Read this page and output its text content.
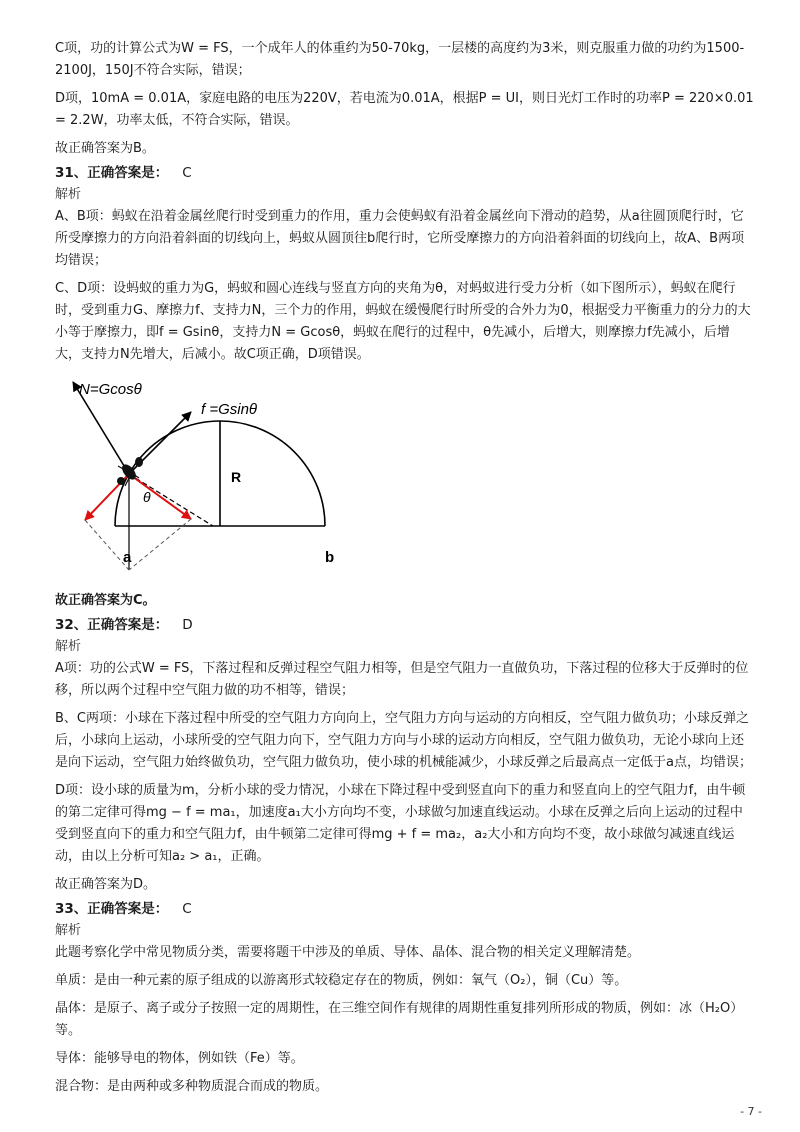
C项，功的计算公式为W = FS，一个成年人的体重约为50-70kg，一层楼的高度约为3米，则克服重力做的功约为1500-2100J，150J不符合实际，错误；

D项，10mA = 0.01A，家庭电路的电压为220V，若电流为0.01A，根据P = UI，则日光灯工作时的功率P = 220×0.01 = 2.2W，功率太低，不符合实际，错误。

故正确答案为B。

31、正确答案是： C

解析

A、B项：蚂蚁在沿着金属丝爬行时受到重力的作用，重力会使蚂蚁有沿着金属丝向下滑动的趋势，从a往圆顶爬行时，它所受摩擦力的方向沿着斜面的切线向上，蚂蚁从圆顶往b爬行时，它所受摩擦力的方向沿着斜面的切线向上，故A、B两项均错误；

C、D项：设蚂蚁的重力为G，蚂蚁和圆心连线与竖直方向的夹角为θ，对蚂蚁进行受力分析（如下图所示），蚂蚁在爬行时，受到重力G、摩擦力f、支持力N，三个力的作用，蚂蚁在缓慢爬行时所受的合外力为0，根据受力平衡重力的分力的大小等于摩擦力，即f = Gsinθ，支持力N = Gcosθ，蚂蚁在爬行的过程中，θ先减小，后增大，则摩擦力f先减小，后增大，支持力N先增大，后减小。故C项正确，D项错误。

N=Gcosθ
f =Gsinθ
R
θ
a	b

故正确答案为C。

32、正确答案是： D

解析

A项：功的公式W = FS，下落过程和反弹过程空气阻力相等，但是空气阻力一直做负功，下落过程的位移大于反弹时的位移，所以两个过程中空气阻力做的功不相等，错误；

B、C两项：小球在下落过程中所受的空气阻力方向向上，空气阻力方向与运动的方向相反，空气阻力做负功；小球反弹之后，小球向上运动，小球所受的空气阻力向下，空气阻力方向与小球的运动方向相反，空气阻力做负功，无论小球向上还是向下运动，空气阻力始终做负功，空气阻力做负功，使小球的机械能减少，小球反弹之后最高点一定低于a点，均错误；

D项：设小球的质量为m，分析小球的受力情况，小球在下降过程中受到竖直向下的重力和竖直向上的空气阻力f，由牛顿的第二定律可得mg − f = ma₁，加速度a₁大小方向均不变，小球做匀加速直线运动。小球在反弹之后向上运动的过程中受到竖直向下的重力和空气阻力f，由牛顿第二定律可得mg + f = ma₂，a₂大小和方向均不变，故小球做匀减速直线运动，由以上分析可知a₂ > a₁，正确。

故正确答案为D。

33、正确答案是： C

解析

此题考察化学中常见物质分类，需要将题干中涉及的单质、导体、晶体、混合物的相关定义理解清楚。

单质：是由一种元素的原子组成的以游离形式较稳定存在的物质，例如：氧气（O₂），铜（Cu）等。

晶体：是原子、离子或分子按照一定的周期性，在三维空间作有规律的周期性重复排列所形成的物质，例如：冰（H₂O）等。

导体：能够导电的物体，例如铁（Fe）等。

混合物：是由两种或多种物质混合而成的物质。

- 7 -
